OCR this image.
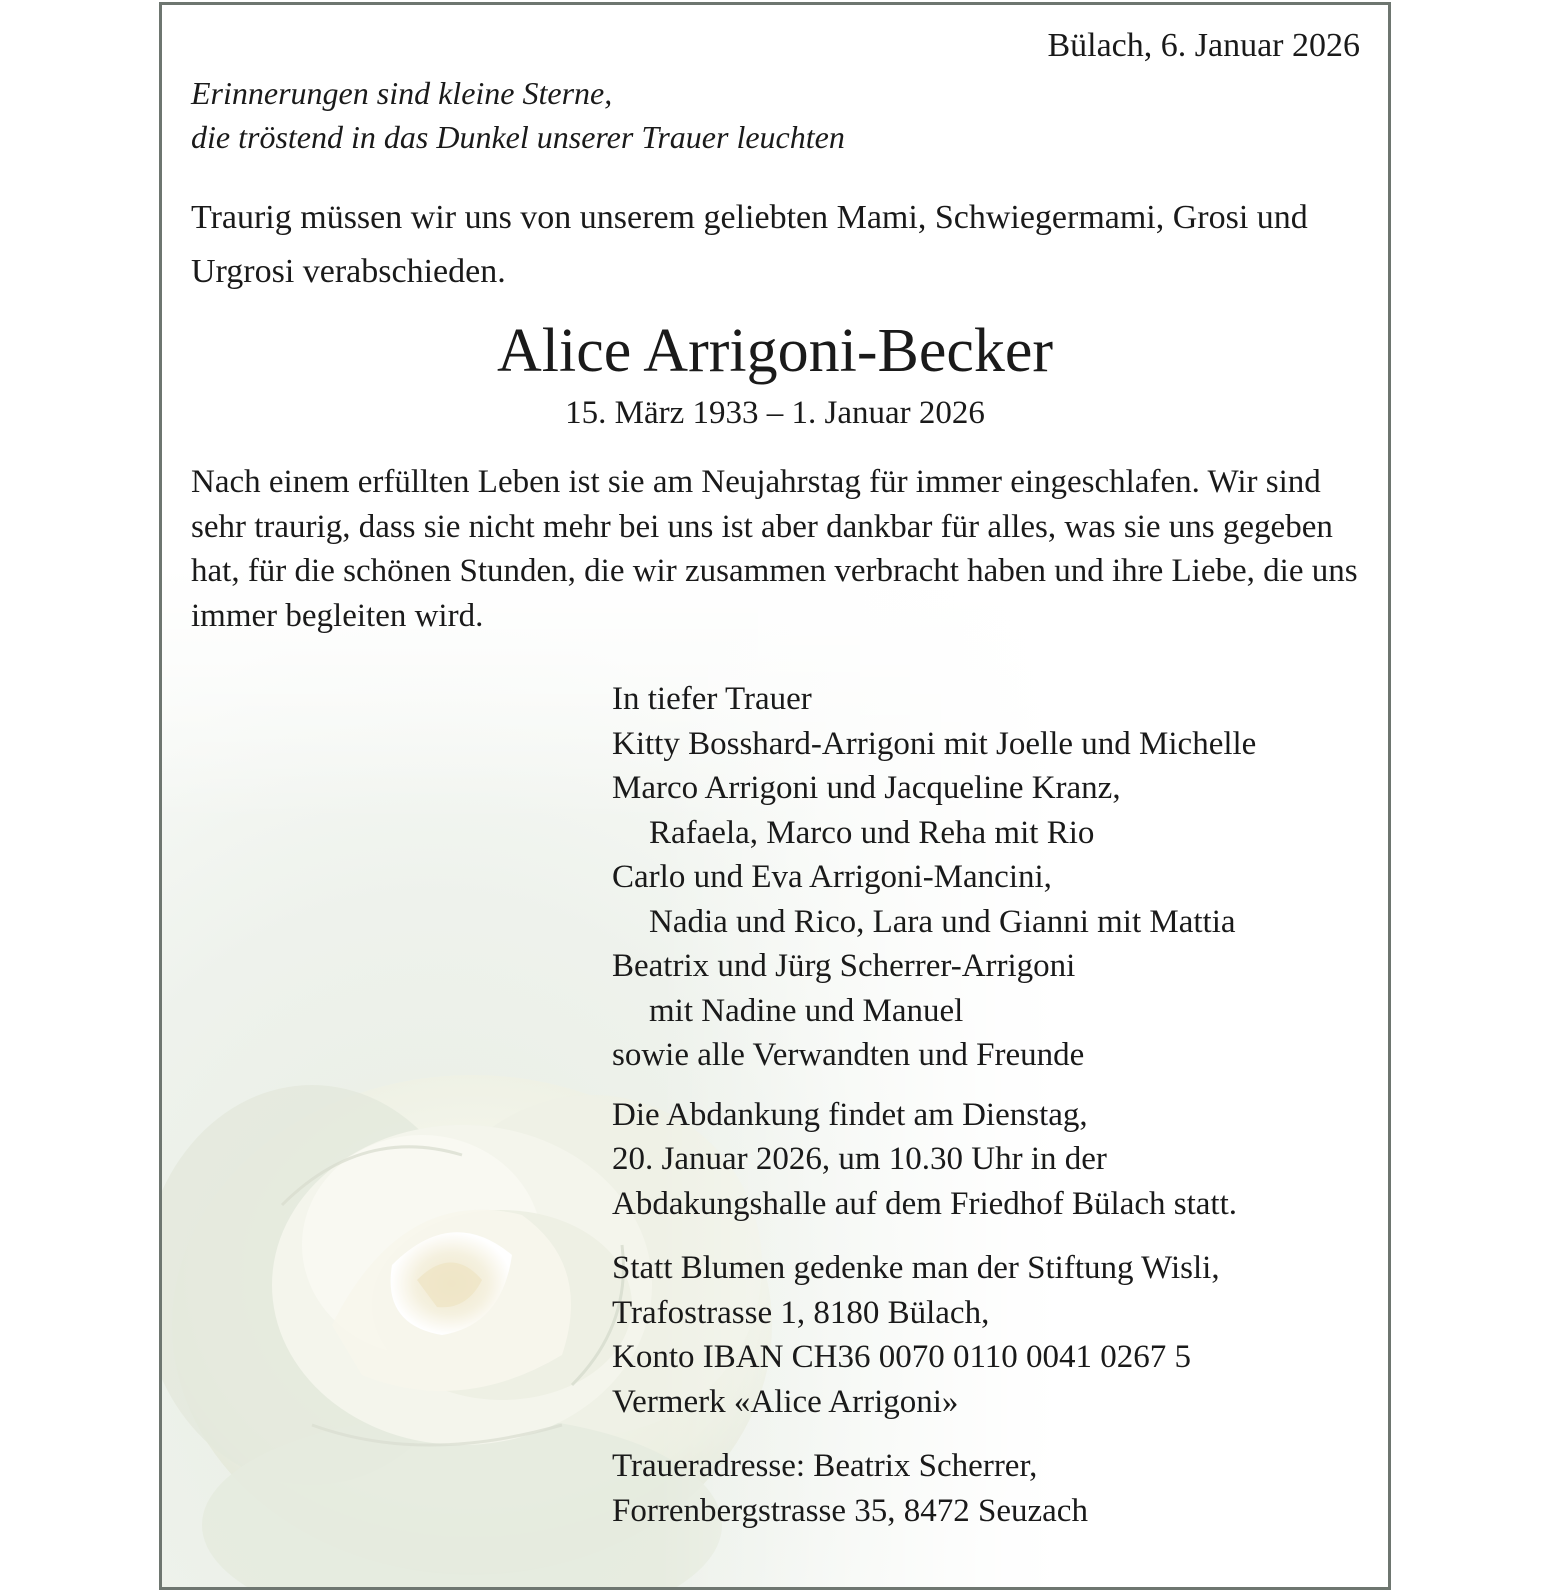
Bülach, 6. Januar 2026

Erinnerungen sind kleine Sterne,
die tröstend in das Dunkel unserer Trauer leuchten

Traurig müssen wir uns von unserem geliebten Mami, Schwiegermami, Grosi und Urgrosi verabschieden.

Alice Arrigoni-Becker

15. März 1933 – 1. Januar 2026

Nach einem erfüllten Leben ist sie am Neujahrstag für immer eingeschlafen. Wir sind sehr traurig, dass sie nicht mehr bei uns ist aber dankbar für alles, was sie uns gegeben hat, für die schönen Stunden, die wir zusammen verbracht haben und ihre Liebe, die uns immer begleiten wird.

In tiefer Trauer

Kitty Bosshard-Arrigoni mit Joelle und Michelle

Marco Arrigoni und Jacqueline Kranz,

Rafaela, Marco und Reha mit Rio

Carlo und Eva Arrigoni-Mancini,

Nadia und Rico, Lara und Gianni mit Mattia

Beatrix und Jürg Scherrer-Arrigoni

mit Nadine und Manuel

sowie alle Verwandten und Freunde

Die Abdankung findet am Dienstag,

20. Januar 2026, um 10.30 Uhr in der

Abdakungshalle auf dem Friedhof Bülach statt.

Statt Blumen gedenke man der Stiftung Wisli,

Trafostrasse 1, 8180 Bülach,

Konto IBAN CH36 0070 0110 0041 0267 5

Vermerk «Alice Arrigoni»

Traueradresse: Beatrix Scherrer,

Forrenbergstrasse 35, 8472 Seuzach
